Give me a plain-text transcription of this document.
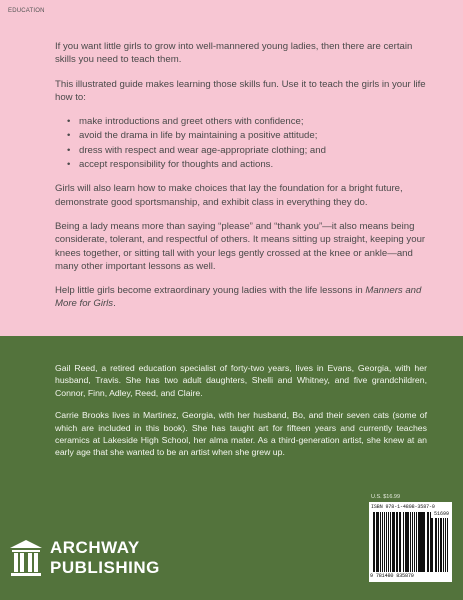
EDUCATION

If you want little girls to grow into well-mannered young ladies, then there are certain skills you need to teach them.

This illustrated guide makes learning those skills fun. Use it to teach the girls in your life how to:

• make introductions and greet others with confidence;
• avoid the drama in life by maintaining a positive attitude;
• dress with respect and wear age-appropriate clothing; and
• accept responsibility for thoughts and actions.

Girls will also learn how to make choices that lay the foundation for a bright future, demonstrate good sportsmanship, and exhibit class in everything they do.

Being a lady means more than saying “please” and “thank you”—it also means being considerate, tolerant, and respectful of others. It means sitting up straight, keeping your knees together, or sitting tall with your legs gently crossed at the knee or ankle—and many other important lessons as well.

Help little girls become extraordinary young ladies with the life lessons in Manners and More for Girls.

Gail Reed, a retired education specialist of forty-two years, lives in Evans, Georgia, with her husband, Travis. She has two adult daughters, Shelli and Whitney, and five grandchildren, Connor, Finn, Adley, Reed, and Claire.

Carrie Brooks lives in Martinez, Georgia, with her husband, Bo, and their seven cats (some of which are included in this book). She has taught art for fifteen years and currently teaches ceramics at Lakeside High School, her alma mater. As a third-generation artist, she knew at an early age that she wanted to be an artist when she grew up.

U.S. $16.99
ISBN 978-1-4808-3587-0
51699
9 781480 835870
ARCHWAY
PUBLISHING
